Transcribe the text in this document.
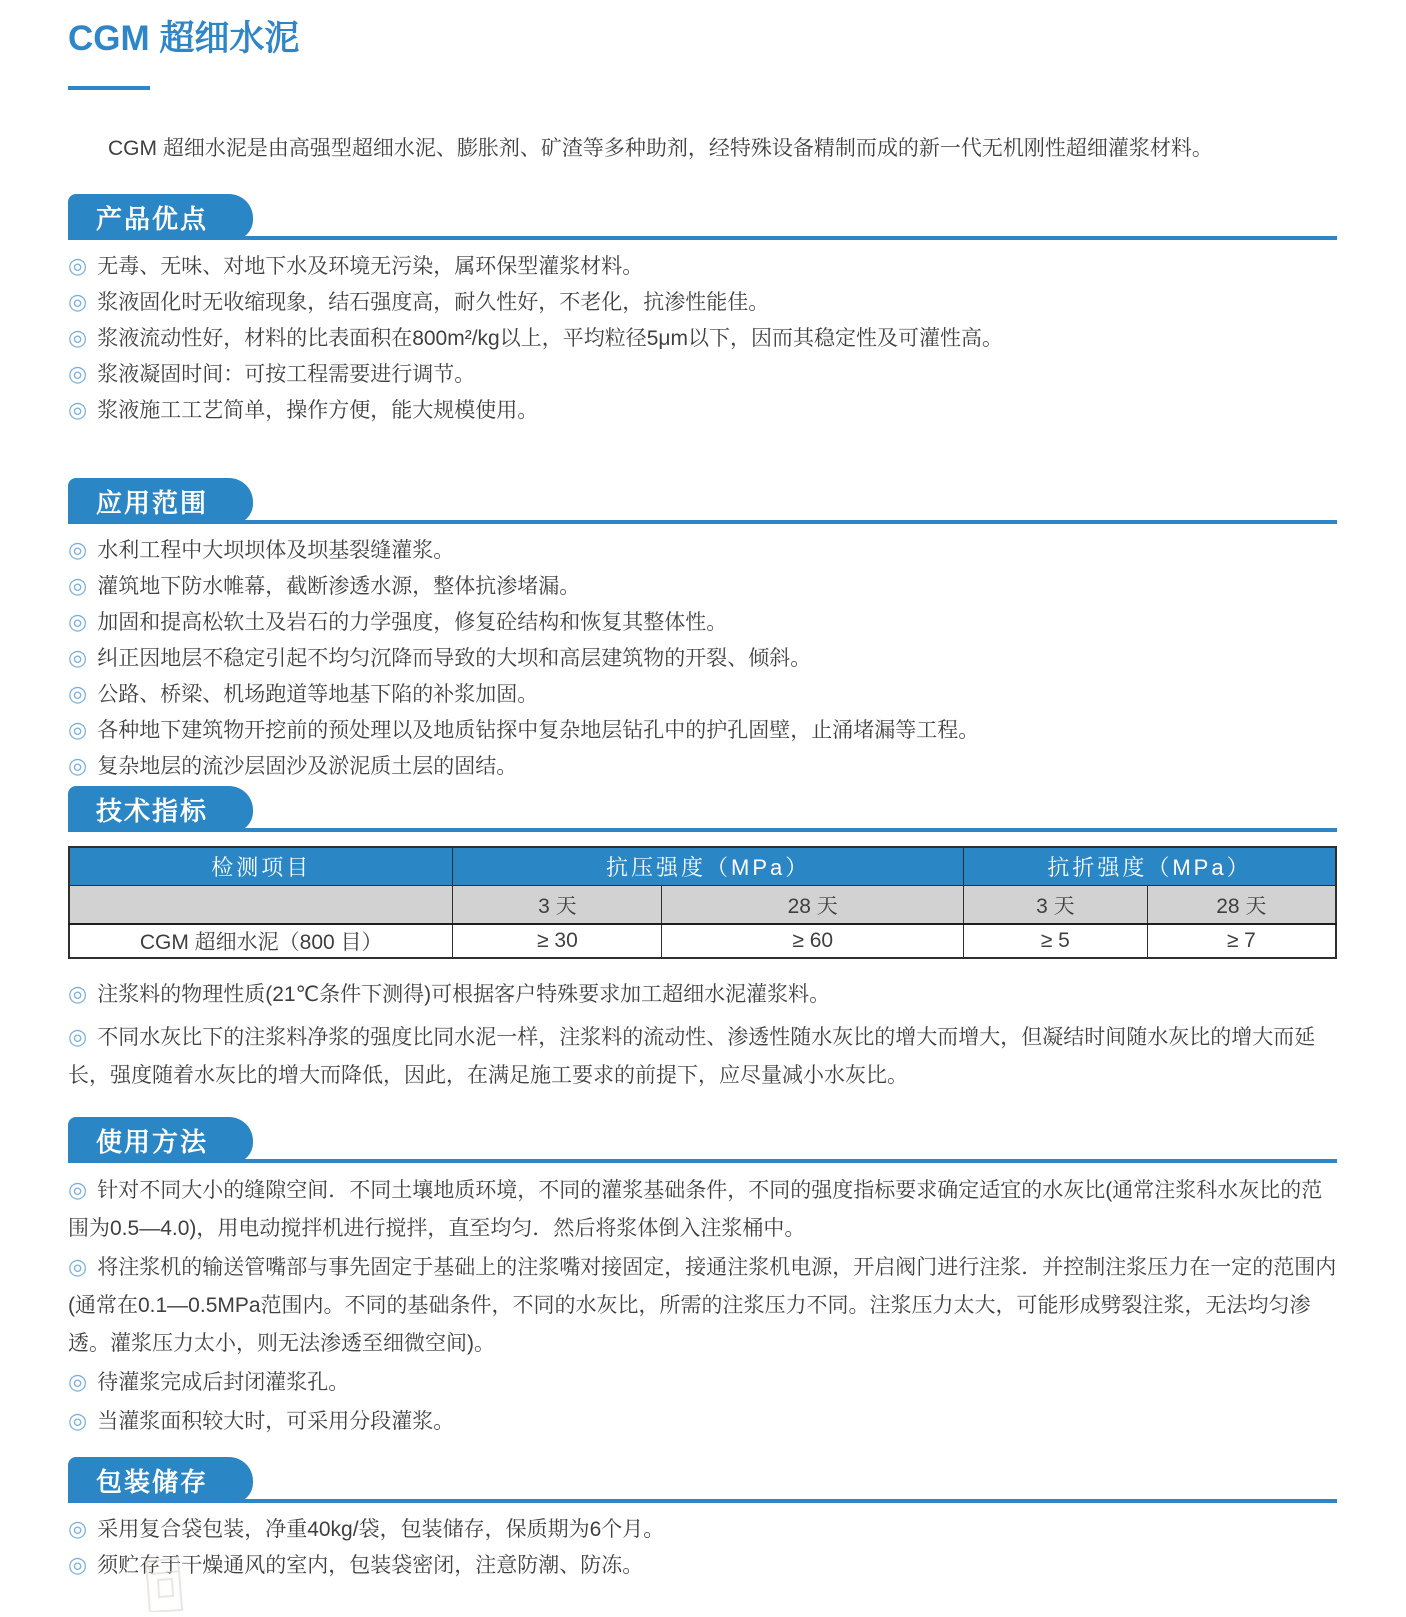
CGM 超细水泥

CGM 超细水泥是由高强型超细水泥、膨胀剂、矿渣等多种助剂，经特殊设备精制而成的新一代无机刚性超细灌浆材料。

产品优点
◎ 无毒、无味、对地下水及环境无污染，属环保型灌浆材料。
◎ 浆液固化时无收缩现象，结石强度高，耐久性好，不老化，抗渗性能佳。
◎ 浆液流动性好，材料的比表面积在800m²/kg以上，平均粒径5μm以下，因而其稳定性及可灌性高。
◎ 浆液凝固时间：可按工程需要进行调节。
◎ 浆液施工工艺简单，操作方便，能大规模使用。
应用范围
◎ 水利工程中大坝坝体及坝基裂缝灌浆。
◎ 灌筑地下防水帷幕，截断渗透水源，整体抗渗堵漏。
◎ 加固和提高松软土及岩石的力学强度，修复砼结构和恢复其整体性。
◎ 纠正因地层不稳定引起不均匀沉降而导致的大坝和高层建筑物的开裂、倾斜。
◎ 公路、桥梁、机场跑道等地基下陷的补浆加固。
◎ 各种地下建筑物开挖前的预处理以及地质钻探中复杂地层钻孔中的护孔固壁，止涌堵漏等工程。
◎ 复杂地层的流沙层固沙及淤泥质土层的固结。
技术指标
检测项目	抗压强度（MPa）		抗折强度（MPa）	
	3 天	28 天	3 天	28 天
CGM 超细水泥（800 目）	≥ 30	≥ 60	≥ 5	≥ 7
◎ 注浆料的物理性质(21℃条件下测得)可根据客户特殊要求加工超细水泥灌浆料。
◎ 不同水灰比下的注浆料净浆的强度比同水泥一样，注浆料的流动性、渗透性随水灰比的增大而增大，但凝结时间随水灰比的增大而延长，强度随着水灰比的增大而降低，因此，在满足施工要求的前提下，应尽量减小水灰比。
使用方法
◎ 针对不同大小的缝隙空间．不同土壤地质环境，不同的灌浆基础条件，不同的强度指标要求确定适宜的水灰比(通常注浆科水灰比的范围为0.5—4.0)，用电动搅拌机进行搅拌，直至均匀．然后将浆体倒入注浆桶中。
◎ 将注浆机的输送管嘴部与事先固定于基础上的注浆嘴对接固定，接通注浆机电源，开启阀门进行注浆．并控制注浆压力在一定的范围内(通常在0.1—0.5MPa范围内。不同的基础条件，不同的水灰比，所需的注浆压力不同。注浆压力太大，可能形成劈裂注浆，无法均匀渗透。灌浆压力太小，则无法渗透至细微空间)。
◎ 待灌浆完成后封闭灌浆孔。
◎ 当灌浆面积较大时，可采用分段灌浆。
包装储存
◎ 采用复合袋包装，净重40kg/袋，包装储存，保质期为6个月。
◎ 须贮存于干燥通风的室内，包装袋密闭，注意防潮、防冻。
